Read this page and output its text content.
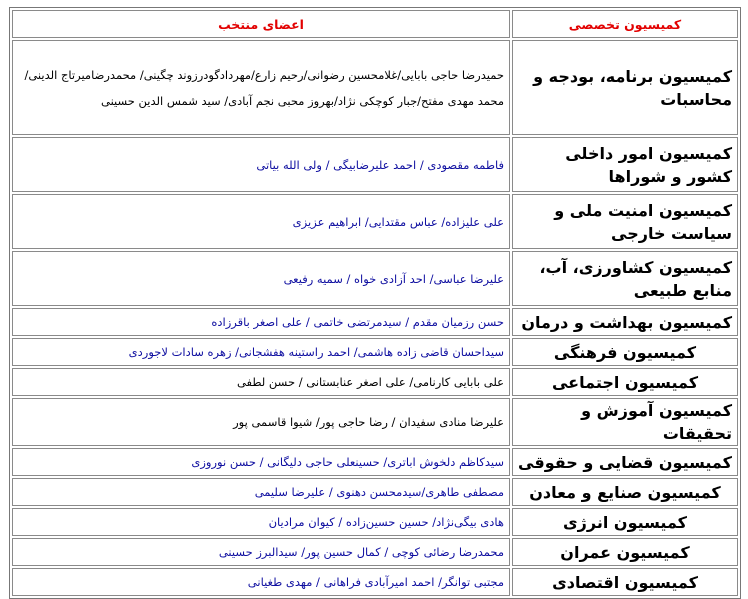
کمیسیون تخصصی	اعضای منتخب
کمیسیون برنامه، بودجه و محاسبات	حمیدرضا حاجی بابایی/غلامحسین رضوانی/رحیم زارع/مهردادگودرزوند چگینی/ محمدرضامیرتاج الدینی/محمد مهدی مفتح/جبار کوچکی نژاد/بهروز محبی نجم آبادی/ سید شمس الدین حسینی
کمیسیون امور داخلی کشور و شوراها	فاطمه مقصودی / احمد علیرضابیگی / ولی الله بیاتی
کمیسیون امنیت ملی و سیاست خارجی	علی علیزاده/ عباس مقتدایی/ ابراهیم عزیزی
کمیسیون کشاورزی، آب، منابع طبیعی	علیرضا عباسی/ احد آزادی خواه / سمیه رفیعی
کمیسیون بهداشت و درمان	حسن رزمیان مقدم / سیدمرتضی خاتمی / علی اصغر باقرزاده
کمیسیون فرهنگی	سیداحسان قاضی زاده هاشمی/ احمد راستینه هفشجانی/ زهره سادات لاجوردی
کمیسیون اجتماعی	علی بابایی کارنامی/ علی اصغر عنابستانی / حسن لطفی
کمیسیون آموزش و تحقیقات	علیرضا منادی سفیدان / رضا حاجی پور/ شیوا قاسمی پور
کمیسیون قضایی و حقوقی	سیدکاظم دلخوش اباتری/ حسینعلی حاجی دلیگانی / حسن نوروزی
کمیسیون صنایع و معادن	مصطفی طاهری/سیدمحسن دهنوی / علیرضا سلیمی
کمیسیون انرژی	هادی بیگی‌نژاد/ حسین حسین‌زاده / کیوان مرادیان
کمیسیون عمران	محمدرضا رضائی کوچی / کمال حسین پور/ سیدالبرز حسینی
کمیسیون اقتصادی	مجتبی توانگر/ احمد امیرآبادی فراهانی / مهدی طغیانی
